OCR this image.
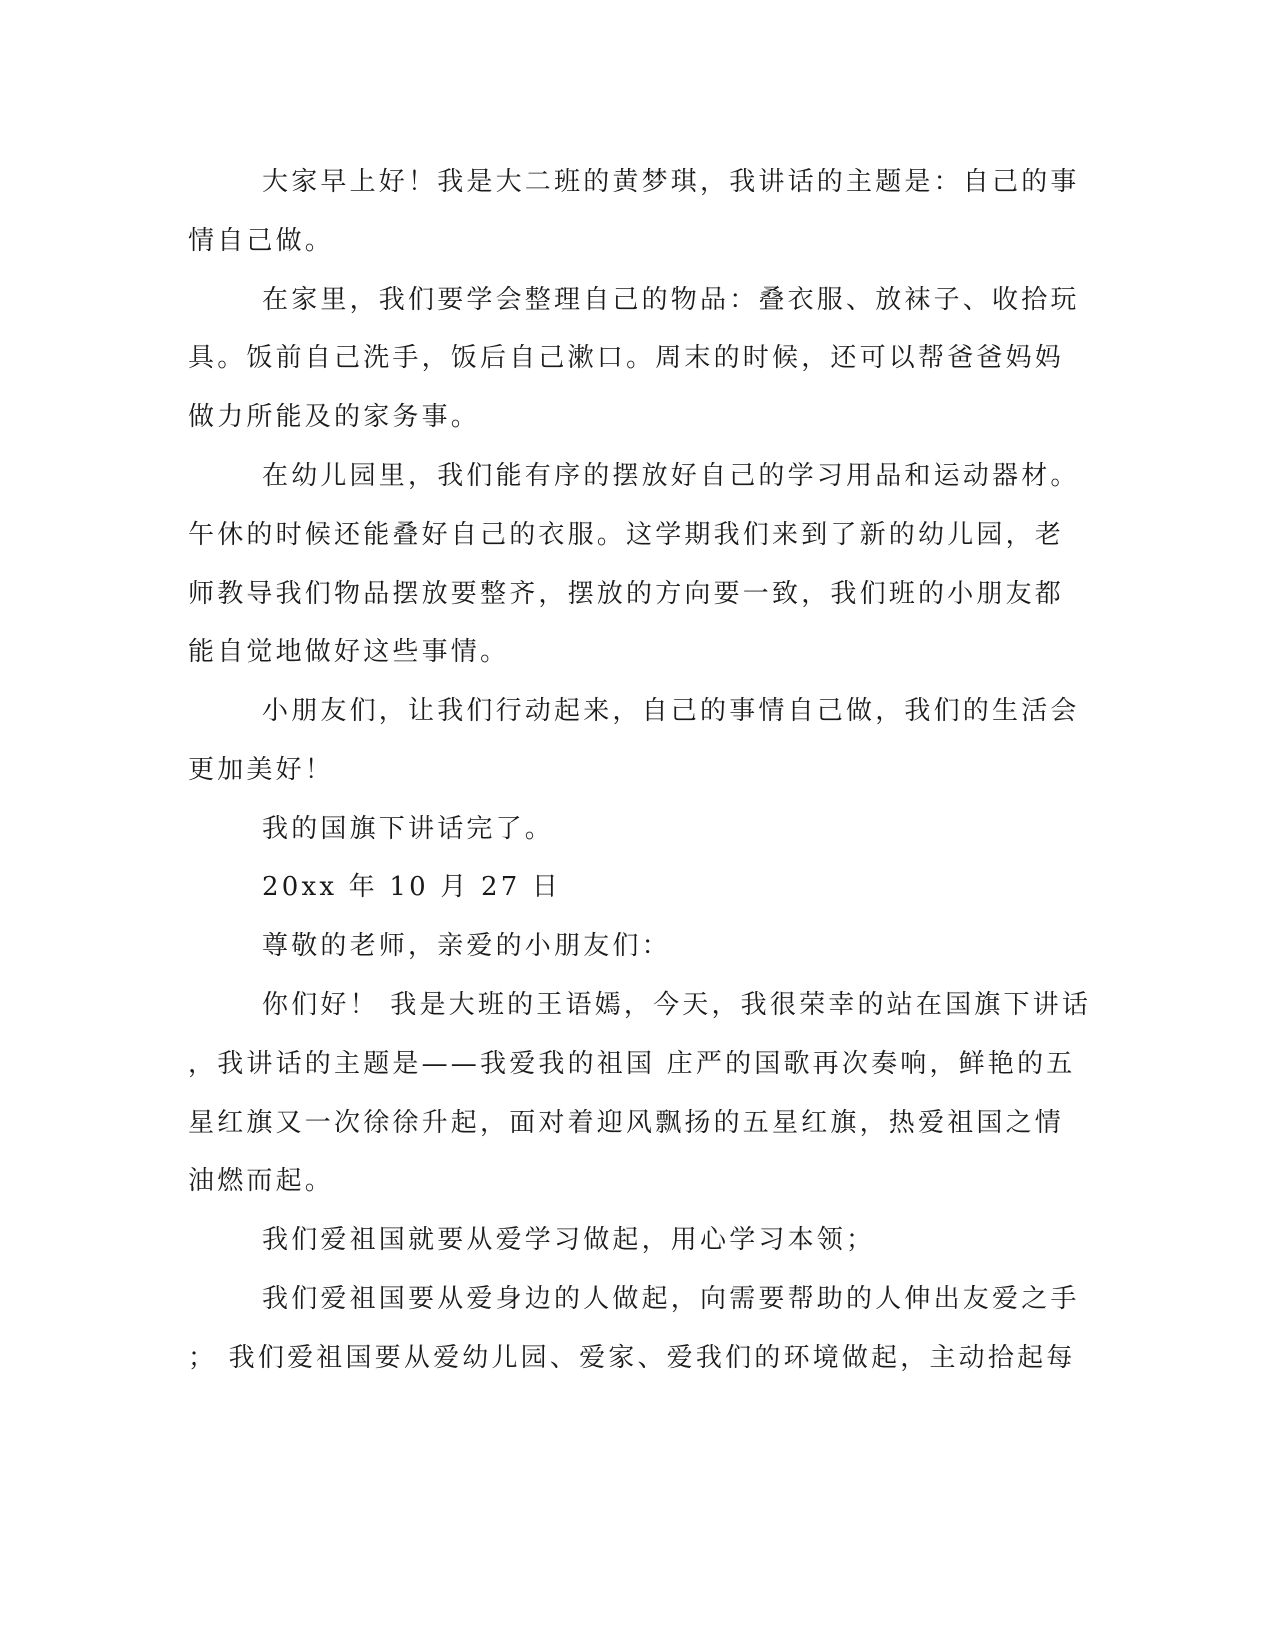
大家早上好！我是大二班的黄梦琪，我讲话的主题是：自己的事
情自己做。
在家里，我们要学会整理自己的物品：叠衣服、放袜子、收拾玩
具。饭前自己洗手，饭后自己漱口。周末的时候，还可以帮爸爸妈妈
做力所能及的家务事。
在幼儿园里，我们能有序的摆放好自己的学习用品和运动器材。
午休的时候还能叠好自己的衣服。这学期我们来到了新的幼儿园，老
师教导我们物品摆放要整齐，摆放的方向要一致，我们班的小朋友都
能自觉地做好这些事情。
小朋友们，让我们行动起来，自己的事情自己做，我们的生活会
更加美好！
我的国旗下讲话完了。
20xx 年 10 月 27 日
尊敬的老师，亲爱的小朋友们：
你们好！ 我是大班的王语嫣，今天，我很荣幸的站在国旗下讲话
，我讲话的主题是——我爱我的祖国 庄严的国歌再次奏响，鲜艳的五
星红旗又一次徐徐升起，面对着迎风飘扬的五星红旗，热爱祖国之情
油燃而起。
我们爱祖国就要从爱学习做起，用心学习本领；
我们爱祖国要从爱身边的人做起，向需要帮助的人伸出友爱之手
； 我们爱祖国要从爱幼儿园、爱家、爱我们的环境做起，主动拾起每
